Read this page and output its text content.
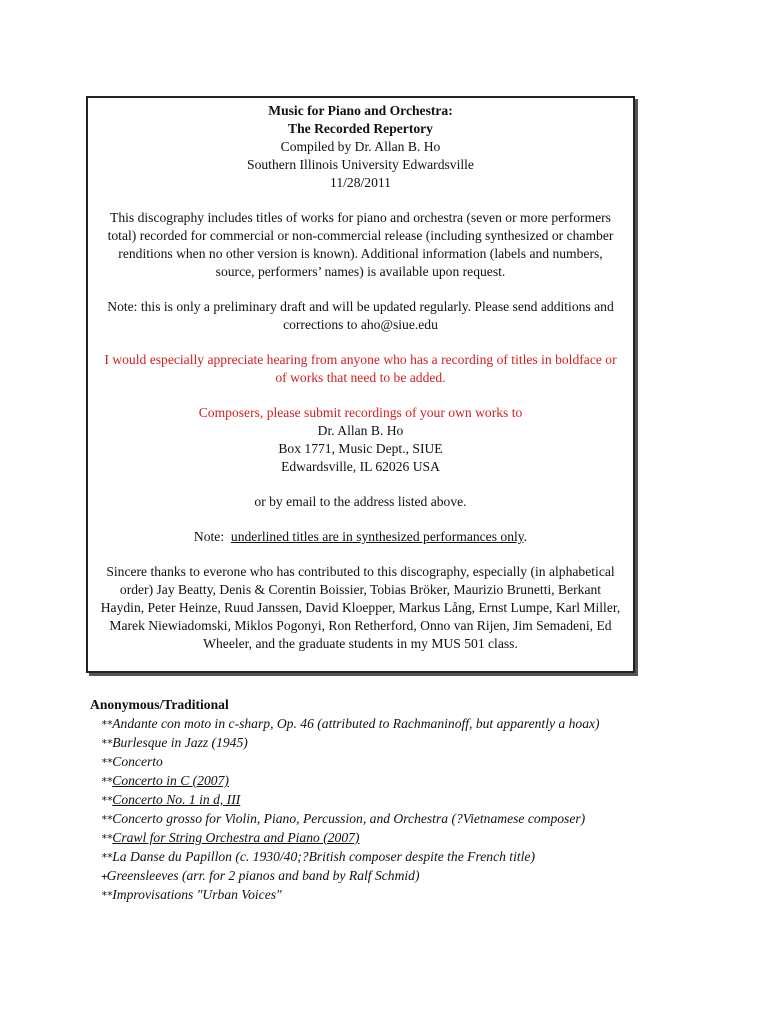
Music for Piano and Orchestra:

The Recorded Repertory

Compiled by Dr. Allan B. Ho

Southern Illinois University Edwardsville

11/28/2011

This discography includes titles of works for piano and orchestra (seven or more performers total) recorded for commercial or non-commercial release (including synthesized or chamber renditions when no other version is known). Additional information (labels and numbers, source, performers’ names) is available upon request.

Note: this is only a preliminary draft and will be updated regularly. Please send additions and corrections to aho@siue.edu

I would especially appreciate hearing from anyone who has a recording of titles in boldface or of works that need to be added.

Composers, please submit recordings of your own works to

Dr. Allan B. Ho

Box 1771, Music Dept., SIUE

Edwardsville, IL 62026 USA

or by email to the address listed above.

Note:  underlined titles are in synthesized performances only.

Sincere thanks to everone who has contributed to this discography, especially (in alphabetical order) Jay Beatty, Denis & Corentin Boissier, Tobias Bröker, Maurizio Brunetti, Berkant Haydin, Peter Heinze, Ruud Janssen, David Kloepper, Markus Lång, Ernst Lumpe, Karl Miller, Marek Niewiadomski, Miklos Pogonyi, Ron Retherford, Onno van Rijen, Jim Semadeni, Ed Wheeler, and the graduate students in my MUS 501 class.

Anonymous/Traditional

**Andante con moto in c-sharp, Op. 46 (attributed to Rachmaninoff, but apparently a hoax)

**Burlesque in Jazz (1945)

**Concerto

**Concerto in C (2007)

**Concerto No. 1 in d, III

**Concerto grosso for Violin, Piano, Percussion, and Orchestra (?Vietnamese composer)

**Crawl for String Orchestra and Piano (2007)

**La Danse du Papillon (c. 1930/40;?British composer despite the French title)

+Greensleeves (arr. for 2 pianos and band by Ralf Schmid)

**Improvisations "Urban Voices"
